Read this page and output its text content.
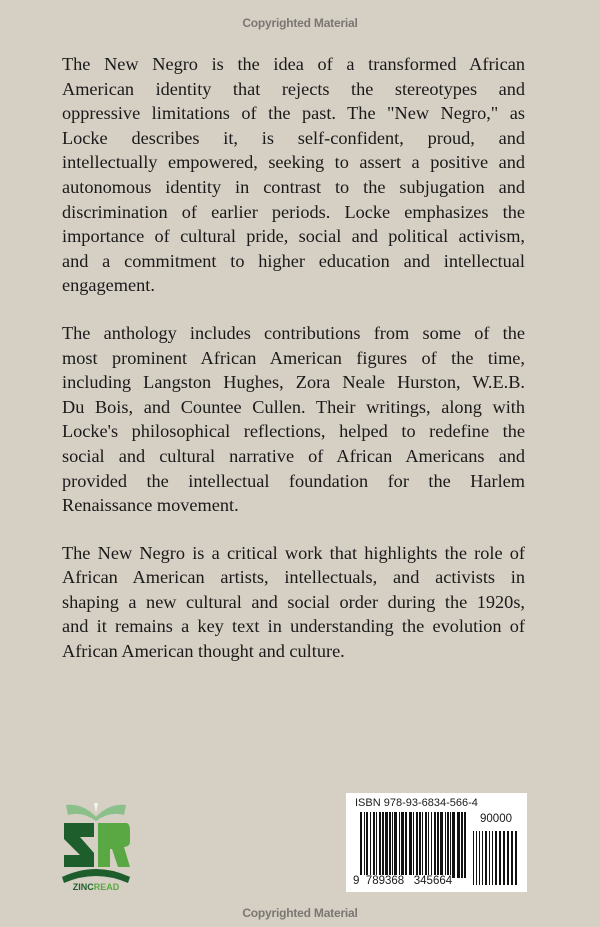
Copyrighted Material
The New Negro is the idea of a transformed African
American identity that rejects the stereotypes and
oppressive limitations of the past. The "New Negro," as
Locke describes it, is self-confident, proud, and
intellectually empowered, seeking to assert a positive and
autonomous identity in contrast to the subjugation and
discrimination of earlier periods. Locke emphasizes the
importance of cultural pride, social and political activism,
and a commitment to higher education and intellectual
engagement.
The anthology includes contributions from some of the
most prominent African American figures of the time,
including Langston Hughes, Zora Neale Hurston, W.E.B.
Du Bois, and Countee Cullen. Their writings, along with
Locke's philosophical reflections, helped to redefine the
social and cultural narrative of African Americans and
provided the intellectual foundation for the Harlem
Renaissance movement.
The New Negro is a critical work that highlights the role of
African American artists, intellectuals, and activists in
shaping a new cultural and social order during the 1920s,
and it remains a key text in understanding the evolution of
African American thought and culture.
ZINCREAD
ISBN 978-93-6834-566-4
90000
9 789368 345664
Copyrighted Material
